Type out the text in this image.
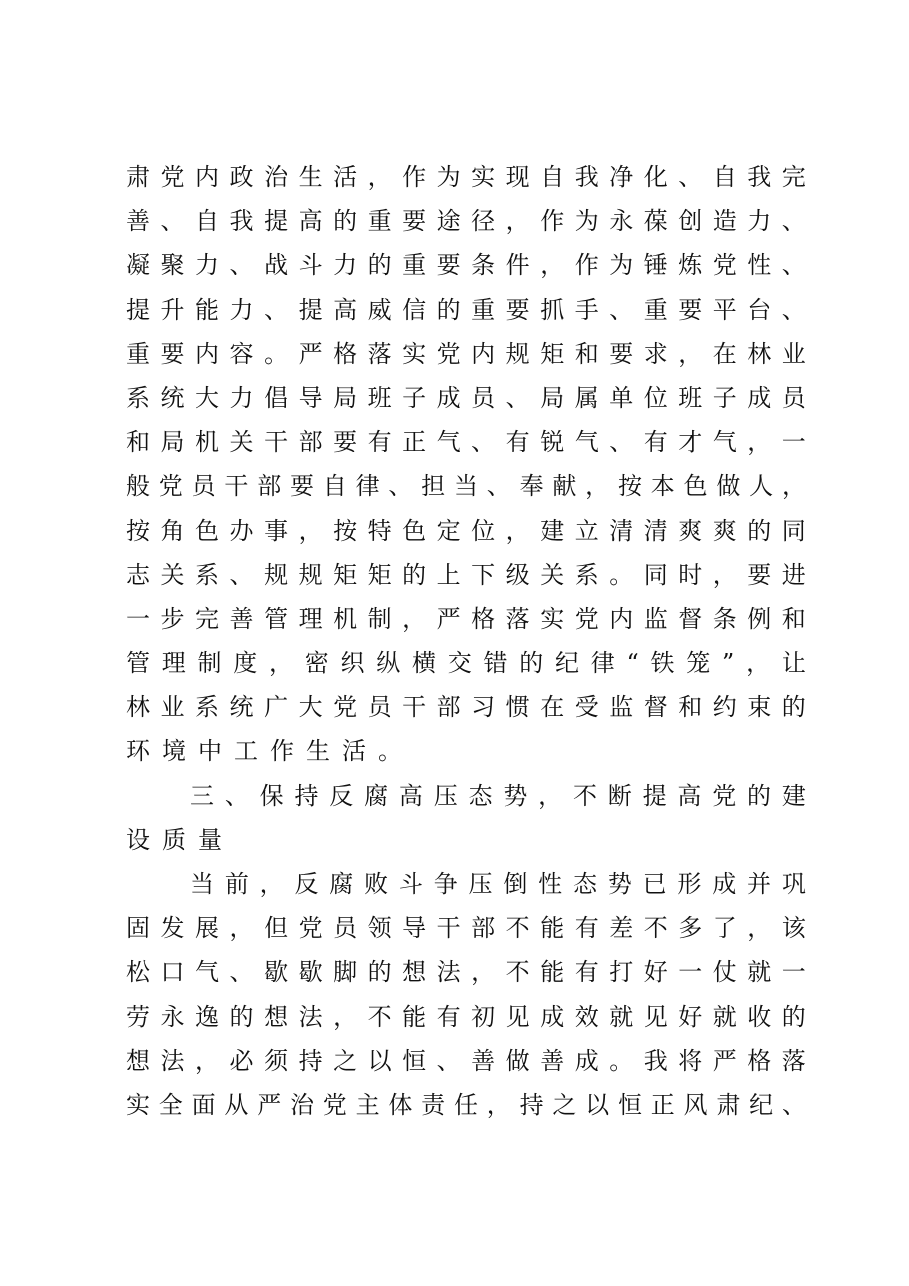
肃 党 内 政 治 生 活 ， 作 为 实 现 自 我 净 化 、 自 我 完
善 、 自 我 提 高 的 重 要 途 径 ， 作 为 永 葆 创 造 力 、
凝 聚 力 、 战 斗 力 的 重 要 条 件 ， 作 为 锤 炼 党 性 、
提 升 能 力 、 提 高 威 信 的 重 要 抓 手 、 重 要 平 台 、
重 要 内 容 。 严 格 落 实 党 内 规 矩 和 要 求 ， 在 林 业
系 统 大 力 倡 导 局 班 子 成 员 、 局 属 单 位 班 子 成 员
和 局 机 关 干 部 要 有 正 气 、 有 锐 气 、 有 才 气 ， 一
般 党 员 干 部 要 自 律 、 担 当 、 奉 献 ， 按 本 色 做 人 ，
按 角 色 办 事 ， 按 特 色 定 位 ， 建 立 清 清 爽 爽 的 同
志 关 系 、 规 规 矩 矩 的 上 下 级 关 系 。 同 时 ， 要 进
一 步 完 善 管 理 机 制 ， 严 格 落 实 党 内 监 督 条 例 和
管 理 制 度 ， 密 织 纵 横 交 错 的 纪 律 “ 铁 笼 ” ， 让
林 业 系 统 广 大 党 员 干 部 习 惯 在 受 监 督 和 约 束 的
环境中工作生活。
三 、 保 持 反 腐 高 压 态 势 ， 不 断 提 高 党 的 建
设质量
当 前 ， 反 腐 败 斗 争 压 倒 性 态 势 已 形 成 并 巩
固 发 展 ， 但 党 员 领 导 干 部 不 能 有 差 不 多 了 ， 该
松 口 气 、 歇 歇 脚 的 想 法 ， 不 能 有 打 好 一 仗 就 一
劳 永 逸 的 想 法 ， 不 能 有 初 见 成 效 就 见 好 就 收 的
想 法 ， 必 须 持 之 以 恒 、 善 做 善 成 。 我 将 严 格 落
实 全 面 从 严 治 党 主 体 责 任 ， 持 之 以 恒 正 风 肃 纪 、
